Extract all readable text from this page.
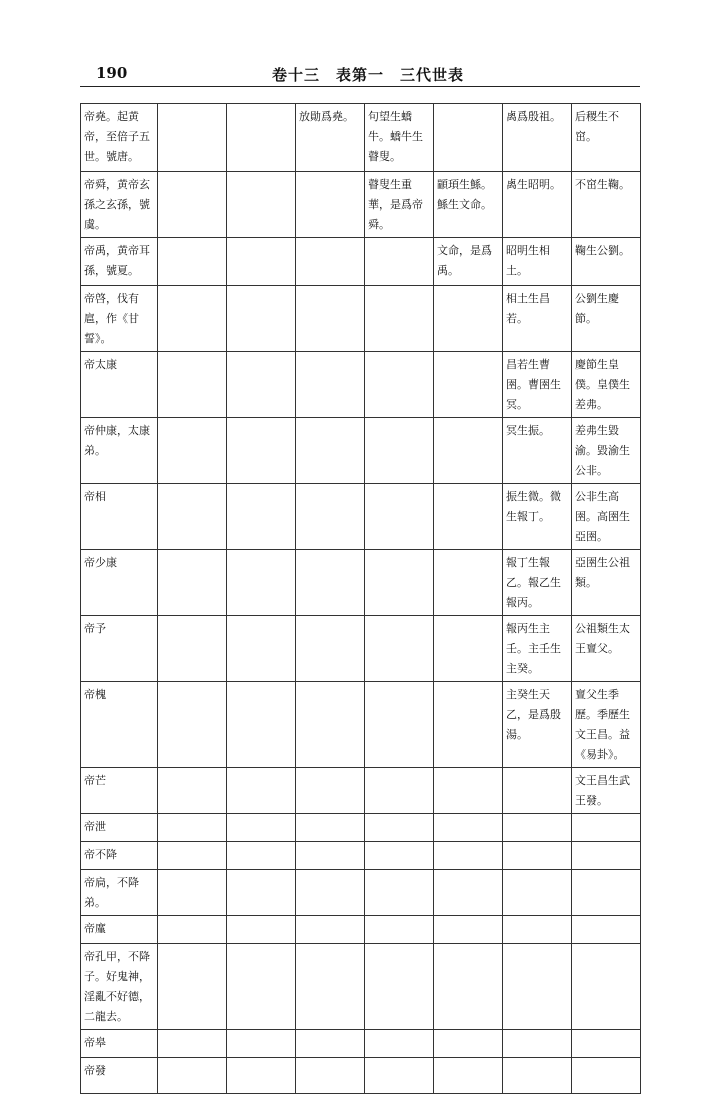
190	卷十三　表第一　三代世表
帝堯。起黄帝，至倍子五世。號唐。			放勛爲堯。	句望生蟜牛。蟜牛生瞽叟。		禼爲殷祖。	后稷生不窋。
帝舜，黄帝玄孫之玄孫，號虞。				瞽叟生重華，是爲帝舜。	顓頊生鯀。鯀生文命。	禼生昭明。	不窋生鞠。
帝禹，黄帝耳孫，號夏。					文命，是爲禹。	昭明生相土。	鞠生公劉。
帝啓，伐有扈，作《甘誓》。						相土生昌若。	公劉生慶節。
帝太康						昌若生曹圉。曹圉生冥。	慶節生皇僕。皇僕生差弗。
帝仲康，太康弟。						冥生振。	差弗生毀渝。毀渝生公非。
帝相						振生微。微生報丁。	公非生高圉。高圉生亞圉。
帝少康						報丁生報乙。報乙生報丙。	亞圉生公祖類。
帝予						報丙生主壬。主壬生主癸。	公祖類生太王亶父。
帝槐						主癸生天乙，是爲殷湯。	亶父生季歷。季歷生文王昌。益《易卦》。
帝芒							文王昌生武王發。
帝泄							
帝不降							
帝扃，不降弟。							
帝廑							
帝孔甲，不降子。好鬼神，淫亂不好德，二龍去。							
帝皋							
帝發							
